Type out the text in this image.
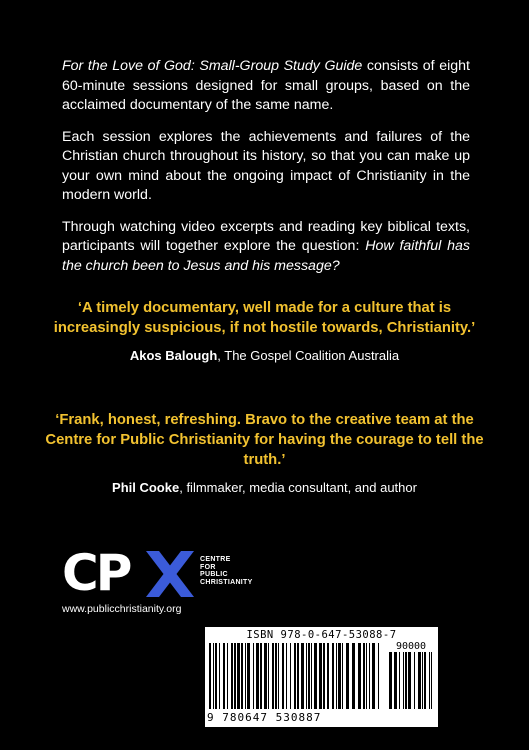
For the Love of God: Small-Group Study Guide consists of eight 60-minute sessions designed for small groups, based on the acclaimed documentary of the same name.

Each session explores the achievements and failures of the Christian church throughout its history, so that you can make up your own mind about the ongoing impact of Christianity in the modern world.

Through watching video excerpts and reading key biblical texts, participants will together explore the question: How faithful has the church been to Jesus and his message?

‘A timely documentary, well made for a culture that is increasingly suspicious, if not hostile towards, Christianity.’

Akos Balough, The Gospel Coalition Australia

‘Frank, honest, refreshing. Bravo to the creative team at the Centre for Public Christianity for having the courage to tell the truth.’

Phil Cooke, filmmaker, media consultant, and author

CP	CENTRE
FOR
PUBLIC
CHRISTIANITY
www.publicchristianity.org
ISBN 978-0-647-53088-7
90000
9 780647 530887
